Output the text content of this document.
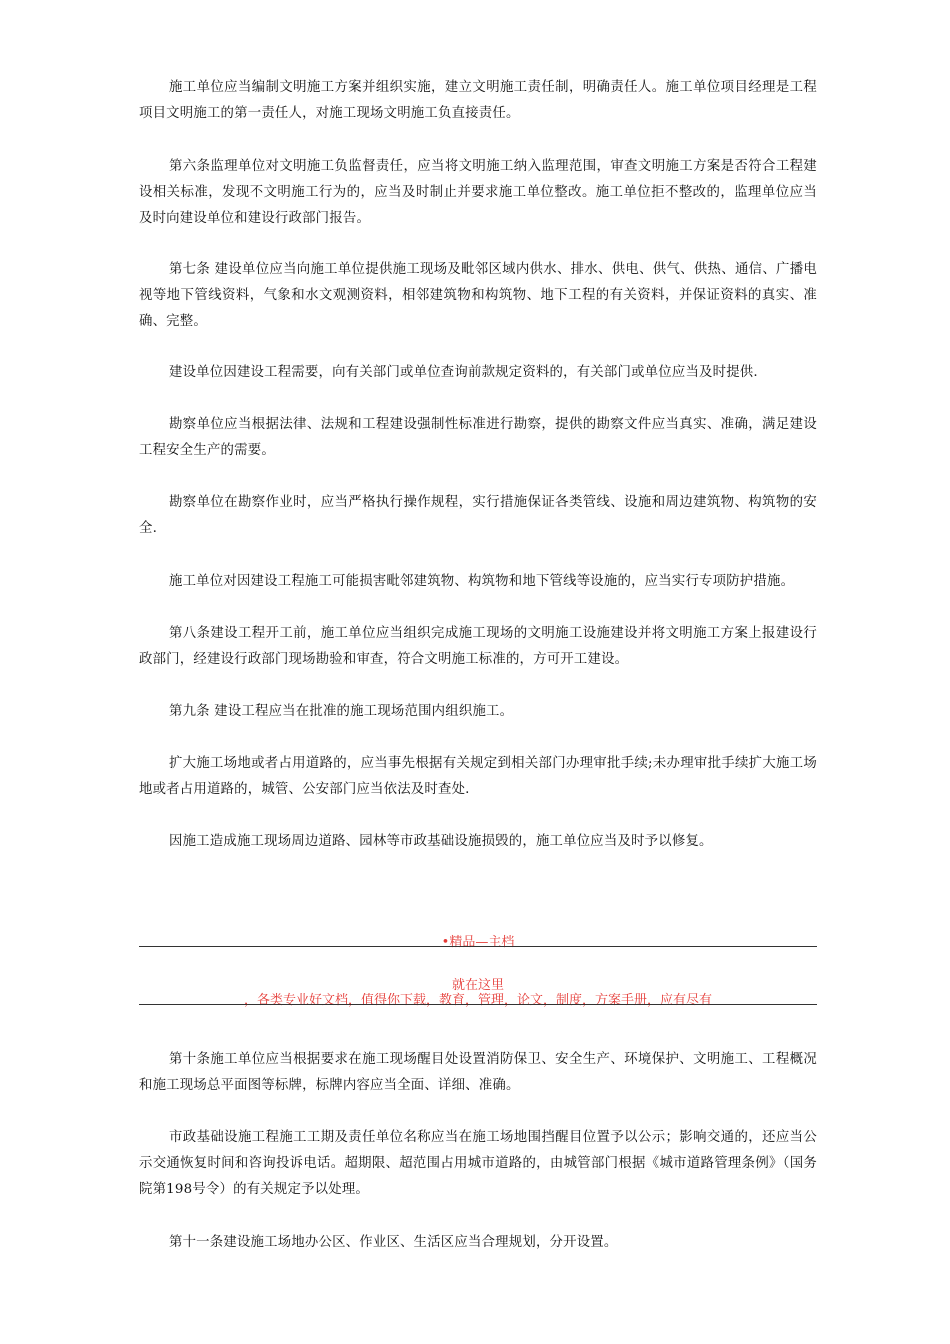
施工单位应当编制文明施工方案并组织实施，建立文明施工责任制，明确责任人。施工单位项目经理是工程项目文明施工的第一责任人，对施工现场文明施工负直接责任。

第六条监理单位对文明施工负监督责任，应当将文明施工纳入监理范围，审查文明施工方案是否符合工程建设相关标准，发现不文明施工行为的，应当及时制止并要求施工单位整改。施工单位拒不整改的，监理单位应当及时向建设单位和建设行政部门报告。

第七条 建设单位应当向施工单位提供施工现场及毗邻区域内供水、排水、供电、供气、供热、通信、广播电视等地下管线资料，气象和水文观测资料，相邻建筑物和构筑物、地下工程的有关资料，并保证资料的真实、准确、完整。

建设单位因建设工程需要，向有关部门或单位查询前款规定资料的，有关部门或单位应当及时提供.

勘察单位应当根据法律、法规和工程建设强制性标准进行勘察，提供的勘察文件应当真实、准确，满足建设工程安全生产的需要。

勘察单位在勘察作业时，应当严格执行操作规程，实行措施保证各类管线、设施和周边建筑物、构筑物的安全.

施工单位对因建设工程施工可能损害毗邻建筑物、构筑物和地下管线等设施的，应当实行专项防护措施。

第八条建设工程开工前，施工单位应当组织完成施工现场的文明施工设施建设并将文明施工方案上报建设行政部门，经建设行政部门现场勘验和审查，符合文明施工标准的，方可开工建设。

第九条 建设工程应当在批准的施工现场范围内组织施工。

扩大施工场地或者占用道路的，应当事先根据有关规定到相关部门办理审批手续;未办理审批手续扩大施工场地或者占用道路的，城管、公安部门应当依法及时查处.

因施工造成施工现场周边道路、园林等市政基础设施损毁的，施工单位应当及时予以修复。

•精品—主档
就在这里
，各类专业好文档，值得你下载，教育，管理，论文，制度，方案手册，应有尽有

第十条施工单位应当根据要求在施工现场醒目处设置消防保卫、安全生产、环境保护、文明施工、工程概况和施工现场总平面图等标牌，标牌内容应当全面、详细、准确。

市政基础设施工程施工工期及责任单位名称应当在施工场地围挡醒目位置予以公示；影响交通的，还应当公示交通恢复时间和咨询投诉电话。超期限、超范围占用城市道路的，由城管部门根据《城市道路管理条例》（国务院第198号令）的有关规定予以处理。

第十一条建设施工场地办公区、作业区、生活区应当合理规划，分开设置。
